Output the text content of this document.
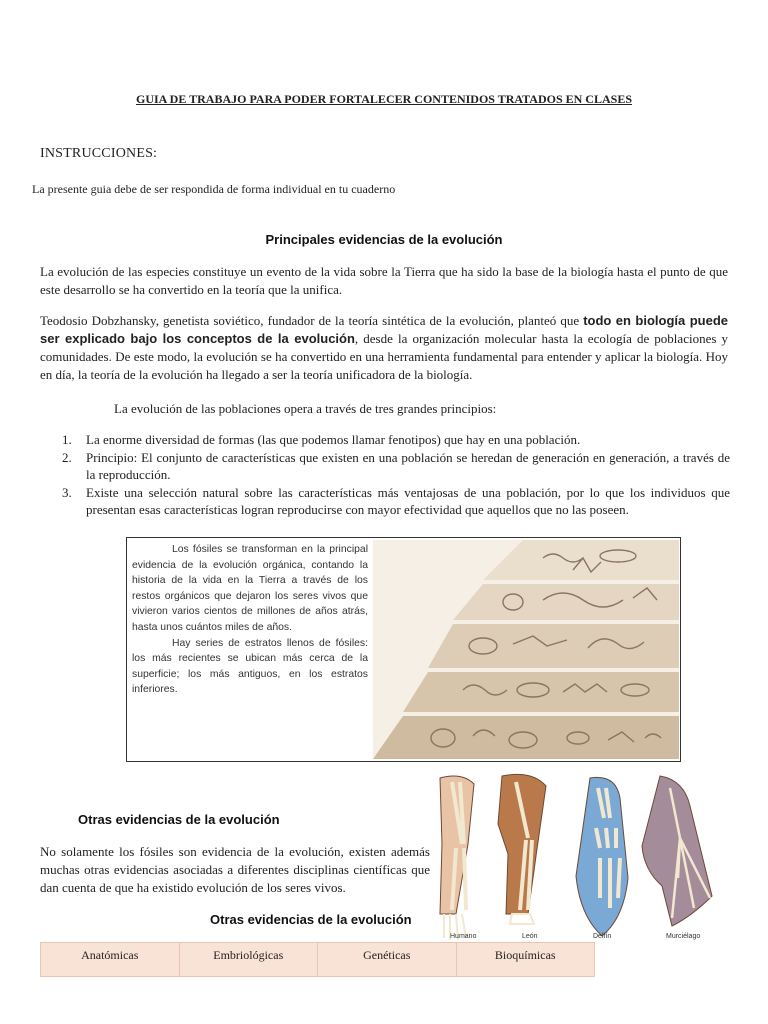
GUIA DE TRABAJO PARA PODER FORTALECER CONTENIDOS TRATADOS EN CLASES
INSTRUCCIONES:
La presente guia debe de ser respondida de forma individual en tu cuaderno
Principales evidencias de la evolución
La evolución de las especies constituye un evento de la vida sobre la Tierra que ha sido la base de la biología hasta el punto de que este desarrollo se ha convertido en la teoría que la unifica.
Teodosio Dobzhansky, genetista soviético, fundador de la teoría sintética de la evolución, planteó que todo en biología puede ser explicado bajo los conceptos de la evolución, desde la organización molecular hasta la ecología de poblaciones y comunidades. De este modo, la evolución se ha convertido en una herramienta fundamental para entender y aplicar la biología. Hoy en día, la teoría de la evolución ha llegado a ser la teoría unificadora de la biología.
La evolución de las poblaciones opera a través de tres grandes principios:
1. La enorme diversidad de formas (las que podemos llamar fenotipos) que hay en una población.
2. Principio: El conjunto de características que existen en una población se heredan de generación en generación, a través de la reproducción.
3. Existe una selección natural sobre las características más ventajosas de una población, por lo que los individuos que presentan esas características logran reproducirse con mayor efectividad que aquellos que no las poseen.

Los fósiles se transforman en la principal evidencia de la evolución orgánica, contando la historia de la vida en la Tierra a través de los restos orgánicos que dejaron los seres vivos que vivieron varios cientos de millones de años atrás, hasta unos cuántos miles de años.

Hay series de estratos llenos de fósiles: los más recientes se ubican más cerca de la superficie; los más antiguos, en los estratos inferiores.

Humano	León	Delfín	Murciélago
Otras evidencias de la evolución
No solamente los fósiles son evidencia de la evolución, existen además muchas otras evidencias asociadas a diferentes disciplinas científicas que dan cuenta de que ha existido evolución de los seres vivos.
Otras evidencias de la evolución
Anatómicas	Embriológicas	Genéticas	Bioquímicas
